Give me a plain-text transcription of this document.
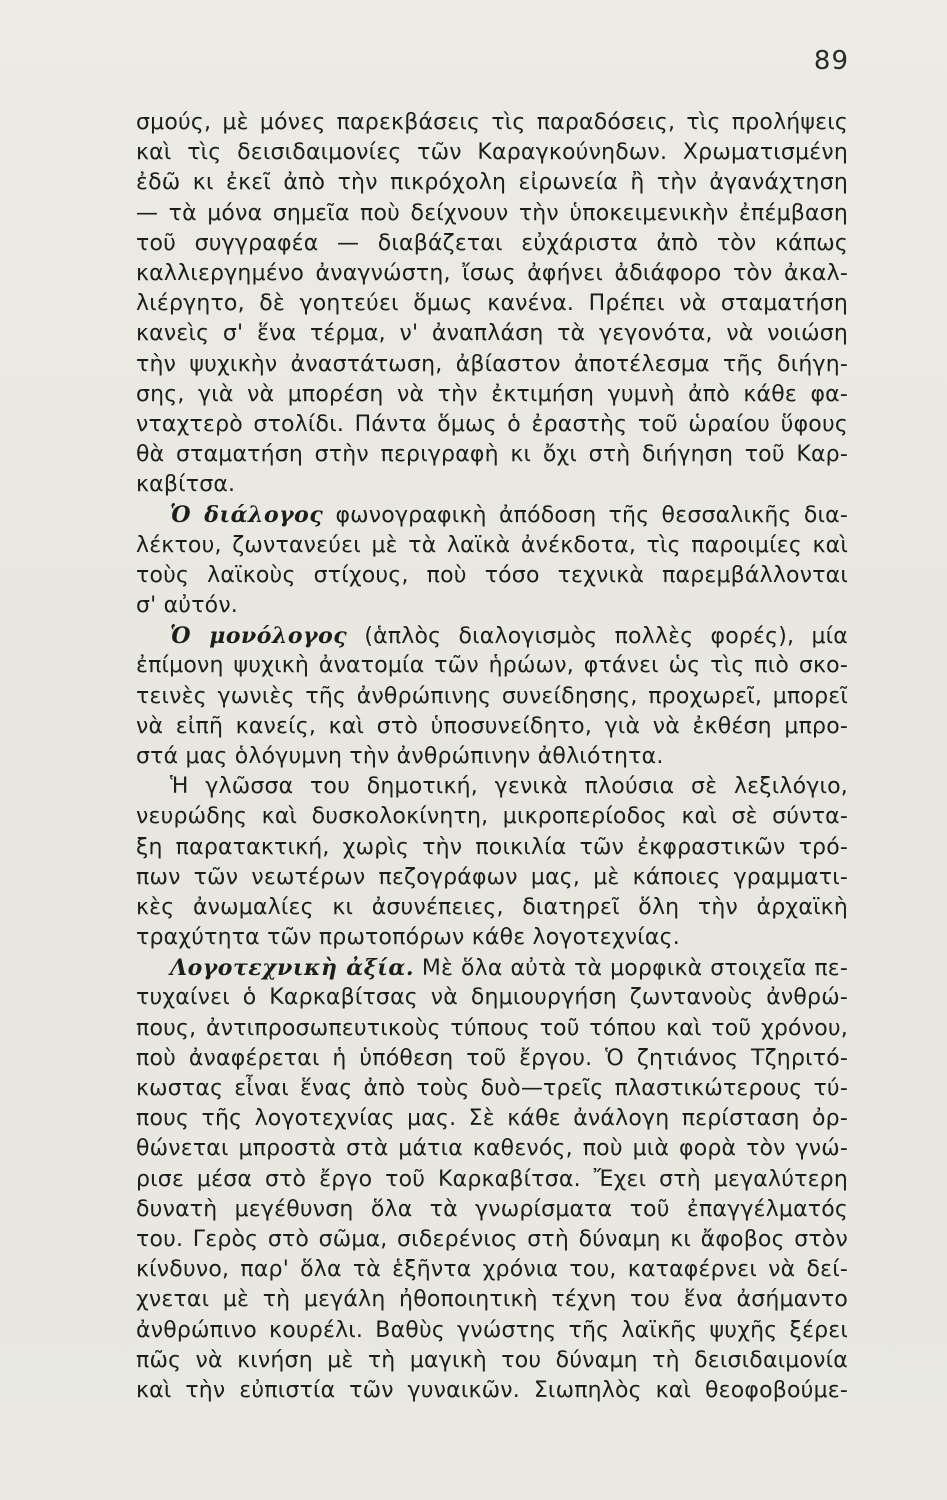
89
σμούς, μὲ μόνες παρεκβάσεις τὶς παραδόσεις, τὶς προλήψεις
καὶ τὶς δεισιδαιμονίες τῶν Καραγκούνηδων. Χρωματισμένη
ἐδῶ κι ἐκεῖ ἀπὸ τὴν πικρόχολη εἰρωνεία ἢ τὴν ἀγανάχτηση
— τὰ μόνα σημεῖα ποὺ δείχνουν τὴν ὑποκειμενικὴν ἐπέμβαση
τοῦ συγγραφέα — διαβάζεται εὐχάριστα ἀπὸ τὸν κάπως
καλλιεργημένο ἀναγνώστη, ἴσως ἀφήνει ἀδιάφορο τὸν ἀκαλ-
λιέργητο, δὲ γοητεύει ὅμως κανένα. Πρέπει νὰ σταματήση
κανεὶς σ' ἕνα τέρμα, ν' ἀναπλάση τὰ γεγονότα, νὰ νοιώση
τὴν ψυχικὴν ἀναστάτωση, ἀβίαστον ἀποτέλεσμα τῆς διήγη-
σης, γιὰ νὰ μπορέση νὰ τὴν ἐκτιμήση γυμνὴ ἀπὸ κάθε φα-
νταχτερὸ στολίδι. Πάντα ὅμως ὁ ἐραστὴς τοῦ ὡραίου ὕφους
θὰ σταματήση στὴν περιγραφὴ κι ὄχι στὴ διήγηση τοῦ Καρ-
καβίτσα.
Ὁ διάλογος φωνογραφικὴ ἀπόδοση τῆς θεσσαλικῆς δια-
λέκτου, ζωντανεύει μὲ τὰ λαϊκὰ ἀνέκδοτα, τὶς παροιμίες καὶ
τοὺς λαϊκοὺς στίχους, ποὺ τόσο τεχνικὰ παρεμβάλλονται
σ' αὐτόν.
Ὁ μονόλογος (ἁπλὸς διαλογισμὸς πολλὲς φορές), μία
ἐπίμονη ψυχικὴ ἀνατομία τῶν ἡρώων, φτάνει ὡς τὶς πιὸ σκο-
τεινὲς γωνιὲς τῆς ἀνθρώπινης συνείδησης, προχωρεῖ, μπορεῖ
νὰ εἰπῆ κανείς, καὶ στὸ ὑποσυνείδητο, γιὰ νὰ ἐκθέση μπρο-
στά μας ὁλόγυμνη τὴν ἀνθρώπινην ἀθλιότητα.
Ἡ γλῶσσα του δημοτική, γενικὰ πλούσια σὲ λεξιλόγιο,
νευρώδης καὶ δυσκολοκίνητη, μικροπερίοδος καὶ σὲ σύντα-
ξη παρατακτική, χωρὶς τὴν ποικιλία τῶν ἐκφραστικῶν τρό-
πων τῶν νεωτέρων πεζογράφων μας, μὲ κάποιες γραμματι-
κὲς ἀνωμαλίες κι ἀσυνέπειες, διατηρεῖ ὅλη τὴν ἀρχαϊκὴ
τραχύτητα τῶν πρωτοπόρων κάθε λογοτεχνίας.
Λογοτεχνικὴ ἀξία. Μὲ ὅλα αὐτὰ τὰ μορφικὰ στοιχεῖα πε-
τυχαίνει ὁ Καρκαβίτσας νὰ δημιουργήση ζωντανοὺς ἀνθρώ-
πους, ἀντιπροσωπευτικοὺς τύπους τοῦ τόπου καὶ τοῦ χρόνου,
ποὺ ἀναφέρεται ἡ ὑπόθεση τοῦ ἔργου. Ὁ ζητιάνος Τζηριτό-
κωστας εἶναι ἕνας ἀπὸ τοὺς δυὸ—τρεῖς πλαστικώτερους τύ-
πους τῆς λογοτεχνίας μας. Σὲ κάθε ἀνάλογη περίσταση ὀρ-
θώνεται μπροστὰ στὰ μάτια καθενός, ποὺ μιὰ φορὰ τὸν γνώ-
ρισε μέσα στὸ ἔργο τοῦ Καρκαβίτσα. Ἔχει στὴ μεγαλύτερη
δυνατὴ μεγέθυνση ὅλα τὰ γνωρίσματα τοῦ ἐπαγγέλματός
του. Γερὸς στὸ σῶμα, σιδερένιος στὴ δύναμη κι ἄφοβος στὸν
κίνδυνο, παρ' ὅλα τὰ ἑξῆντα χρόνια του, καταφέρνει νὰ δεί-
χνεται μὲ τὴ μεγάλη ἠθοποιητικὴ τέχνη του ἕνα ἀσήμαντο
ἀνθρώπινο κουρέλι. Βαθὺς γνώστης τῆς λαϊκῆς ψυχῆς ξέρει
πῶς νὰ κινήση μὲ τὴ μαγικὴ του δύναμη τὴ δεισιδαιμονία
καὶ τὴν εὐπιστία τῶν γυναικῶν. Σιωπηλὸς καὶ θεοφοβούμε-
